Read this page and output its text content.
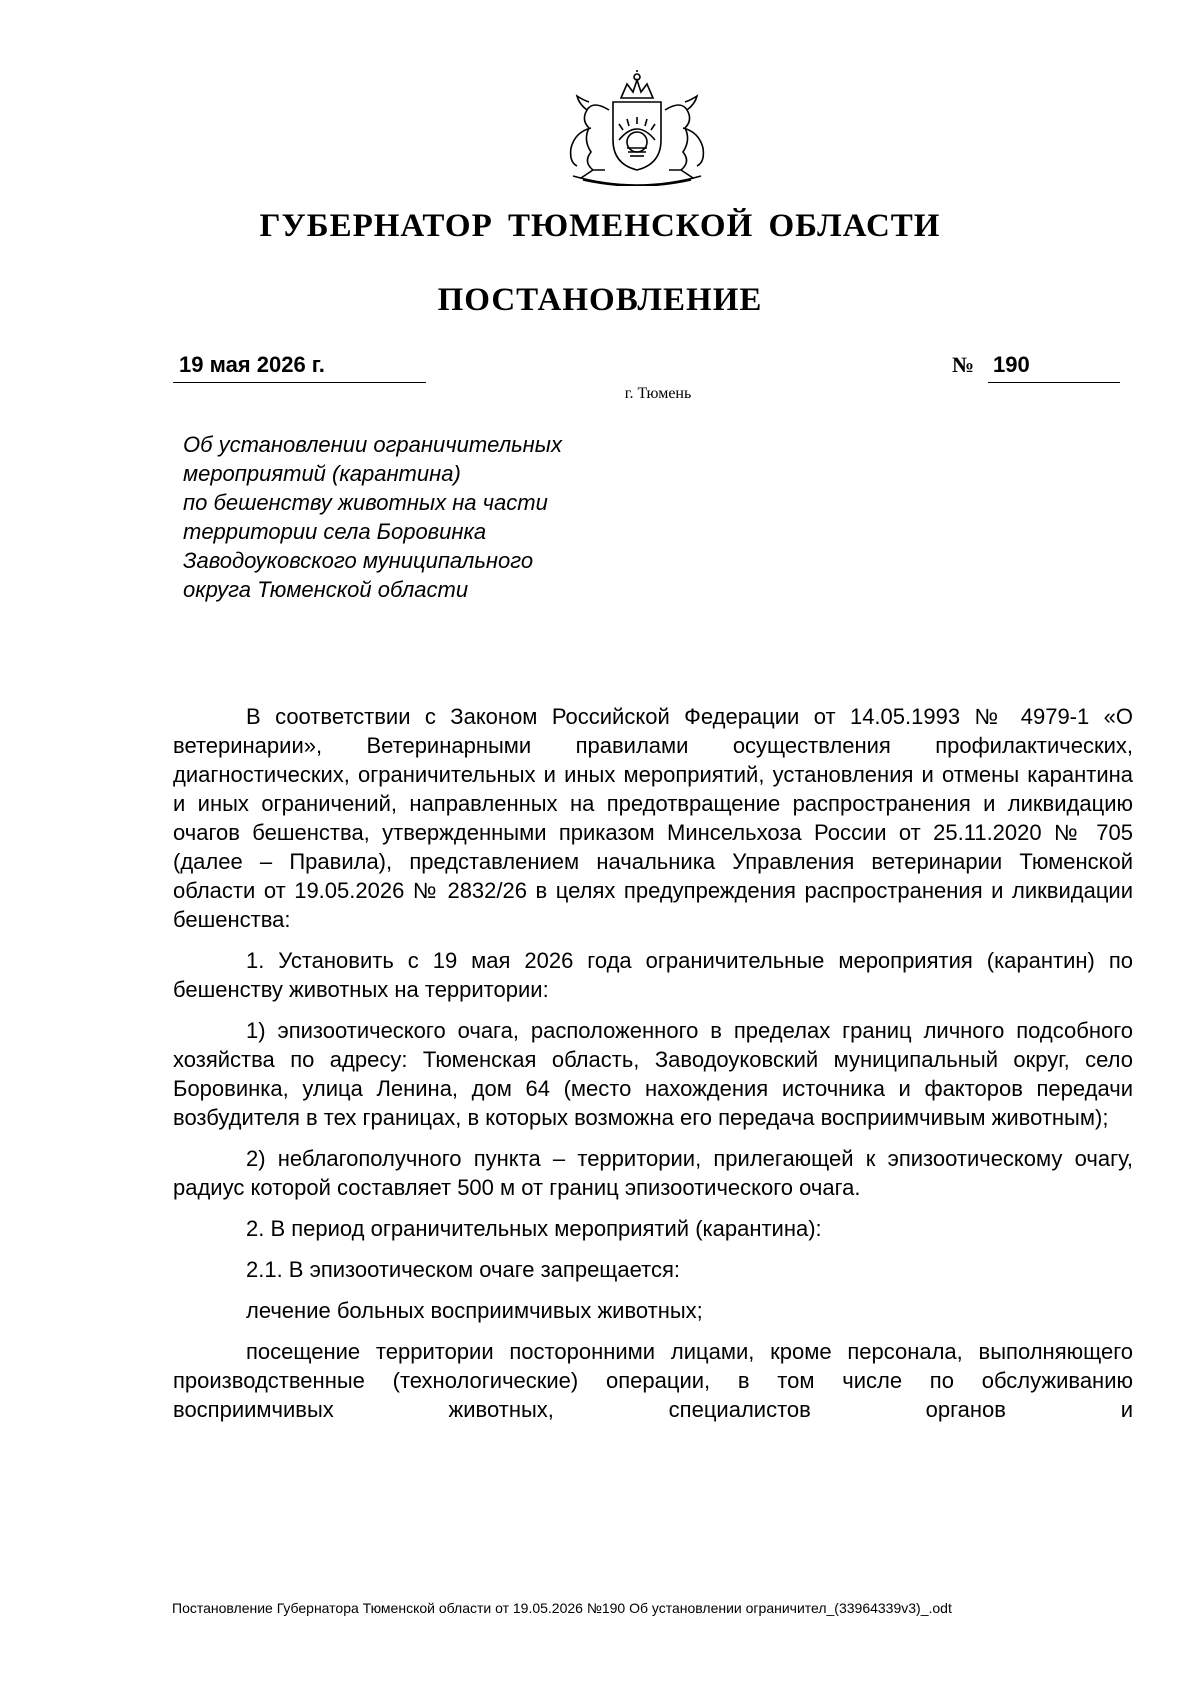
ГУБЕРНАТОР ТЮМЕНСКОЙ ОБЛАСТИ
ПОСТАНОВЛЕНИЕ
19 мая 2026 г.	№ 190
г. Тюмень
Об установлении ограничительных
мероприятий (карантина)
по бешенству животных на части
территории села Боровинка
Заводоуковского муниципального
округа Тюменской области

В соответствии с Законом Российской Федерации от 14.05.1993 № 4979-1 «О ветеринарии», Ветеринарными правилами осуществления профилактических, диагностических, ограничительных и иных мероприятий, установления и отмены карантина и иных ограничений, направленных на предотвращение распространения и ликвидацию очагов бешенства, утвержденными приказом Минсельхоза России от 25.11.2020 № 705 (далее – Правила), представлением начальника Управления ветеринарии Тюменской области от 19.05.2026 № 2832/26 в целях предупреждения распространения и ликвидации бешенства:

1. Установить с 19 мая 2026 года ограничительные мероприятия (карантин) по бешенству животных на территории:

1) эпизоотического очага, расположенного в пределах границ личного подсобного хозяйства по адресу: Тюменская область, Заводоуковский муниципальный округ, село Боровинка, улица Ленина, дом 64 (место нахождения источника и факторов передачи возбудителя в тех границах, в которых возможна его передача восприимчивым животным);

2) неблагополучного пункта – территории, прилегающей к эпизоотическому очагу, радиус которой составляет 500 м от границ эпизоотического очага.

2. В период ограничительных мероприятий (карантина):

2.1. В эпизоотическом очаге запрещается:

лечение больных восприимчивых животных;

посещение территории посторонними лицами, кроме персонала, выполняющего производственные (технологические) операции, в том числе по обслуживанию восприимчивых животных, специалистов органов и

Постановление Губернатора Тюменской области от 19.05.2026 №190 Об установлении ограничител_(33964339v3)_.odt
